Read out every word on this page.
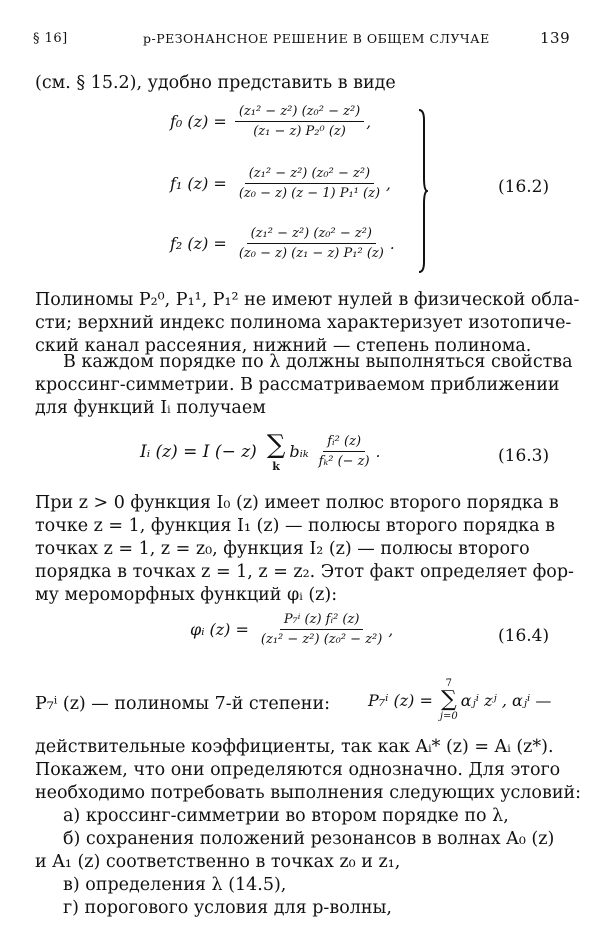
§ 16]	p-РЕЗОНАНСНОЕ РЕШЕНИЕ В ОБЩЕМ СЛУЧАЕ	139
(см. § 15.2), удобно представить в виде
f₀ $(z) = \frac{\text{(z₁² − z²) (z₀² − z²)}}{\text{(z₁ − z) P₂⁰ (z)}}$ ,
f₁ $(z) = \frac{\text{(z₁² − z²) (z₀² − z²)}}{\text{(z₀ − z) (z − 1) P₁¹ (z)}}$ ,
f₂ $(z) = \frac{\text{(z₁² − z²) (z₀² − z²)}}{\text{(z₀ − z) (z₁ − z) P₁² (z)}}$ .
(16.2)
Полиномы P₂⁰, P₁¹, P₁² не имеют нулей в физической обла-
сти; верхний индекс полинома характеризует изотопиче-
ский канал рассеяния, нижний — степень полинома.
В каждом порядке по λ должны выполняться свойства
кроссинг-симметрии. В рассматриваемом приближении
для функций Iᵢ получаем
Iᵢ (z) = I (− z) ∑
k
bᵢₖ $\frac{\text{fᵢ² (z)}}{\text{fₖ² (− z)}}$ .	(16.3)
При z > 0 функция I₀ (z) имеет полюс второго порядка в
точке z = 1, функция I₁ (z) — полюсы второго порядка в
точках z = 1, z = z₀, функция I₂ (z) — полюсы второго
порядка в точках z = 1, z = z₂. Этот факт определяет фор-
му мероморфных функций φᵢ (z):
φᵢ $(z) = \frac{\text{P₇ⁱ (z) fᵢ² (z)}}{\text{(z₁² − z²) (z₀² − z²)}}$ ,	(16.4)
P₇ⁱ (z) — полиномы 7-й степени: P₇ⁱ (z) =
7
∑
j=0
αⱼⁱ zʲ , αⱼⁱ —
действительные коэффициенты, так как Aᵢ* (z) = Aᵢ (z*).
Покажем, что они определяются однозначно. Для этого
необходимо потребовать выполнения следующих условий:
а) кроссинг-симметрии во втором порядке по λ,
б) сохранения положений резонансов в волнах A₀ (z)
и A₁ (z) соответственно в точках z₀ и z₁,
в) определения λ (14.5),
г) порогового условия для p-волны,
